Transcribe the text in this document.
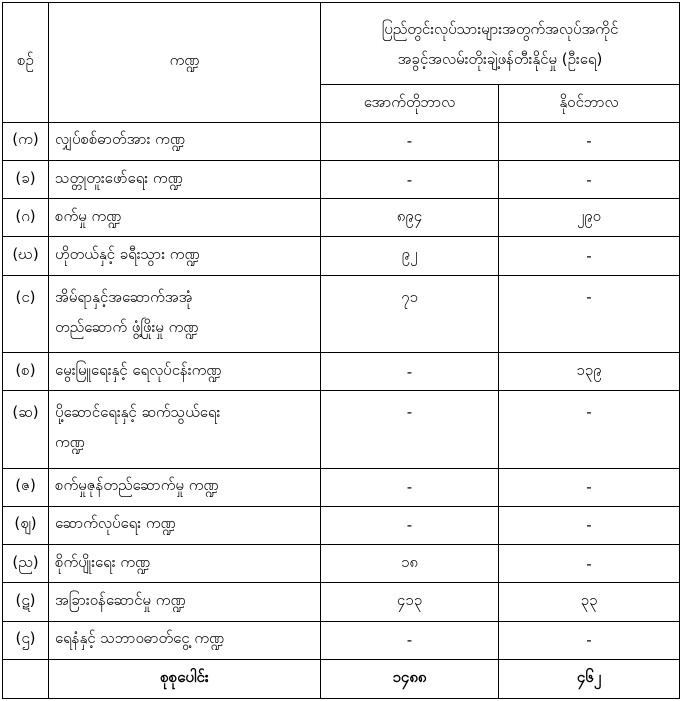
စဉ်	ကဏ္ဍ	ပြည်တွင်းလုပ်သားများအတွက်အလုပ်အကိုင်
အခွင့်အလမ်းတိုးချဲ့ဖန်တီးနိုင်မှု (ဦးရေ)	

		အောက်တိုဘာလ	နိုဝင်ဘာလ
(က)	လျှပ်စစ်ဓာတ်အား ကဏ္ဍ	-	-
(ခ)	သတ္တုတူးဖော်ရေး ကဏ္ဍ	-	-
(ဂ)	စက်မှု ကဏ္ဍ	၈၉၄	၂၉၀
(ဃ)	ဟိုတယ်နှင့် ခရီးသွား ကဏ္ဍ	၉၂	-
(င)	အိမ်ရာနှင့်အဆောက်အအုံ
တည်ဆောက် ဖွံ့ဖြိုးမှု ကဏ္ဍ	၇၁	-
(စ)	မွေးမြူရေးနှင့် ရေလုပ်ငန်းကဏ္ဍ	-	၁၃၉
(ဆ)	ပို့ဆောင်ရေးနှင့် ဆက်သွယ်ရေး
ကဏ္ဍ	-	-
(ဇ)	စက်မှုဇုန်တည်ဆောက်မှု ကဏ္ဍ	-	-
(ဈ)	ဆောက်လုပ်ရေး ကဏ္ဍ	-	-
(ည)	စိုက်ပျိုးရေး ကဏ္ဍ	၁၈	-
(ဋ)	အခြားဝန်ဆောင်မှု ကဏ္ဍ	၄၁၃	၃၃
(ဌ)	ရေနံနှင့် သဘာဝဓာတ်ငွေ့ ကဏ္ဍ	-	-
	စုစုပေါင်း	၁၄၈၈	၄၆၂
